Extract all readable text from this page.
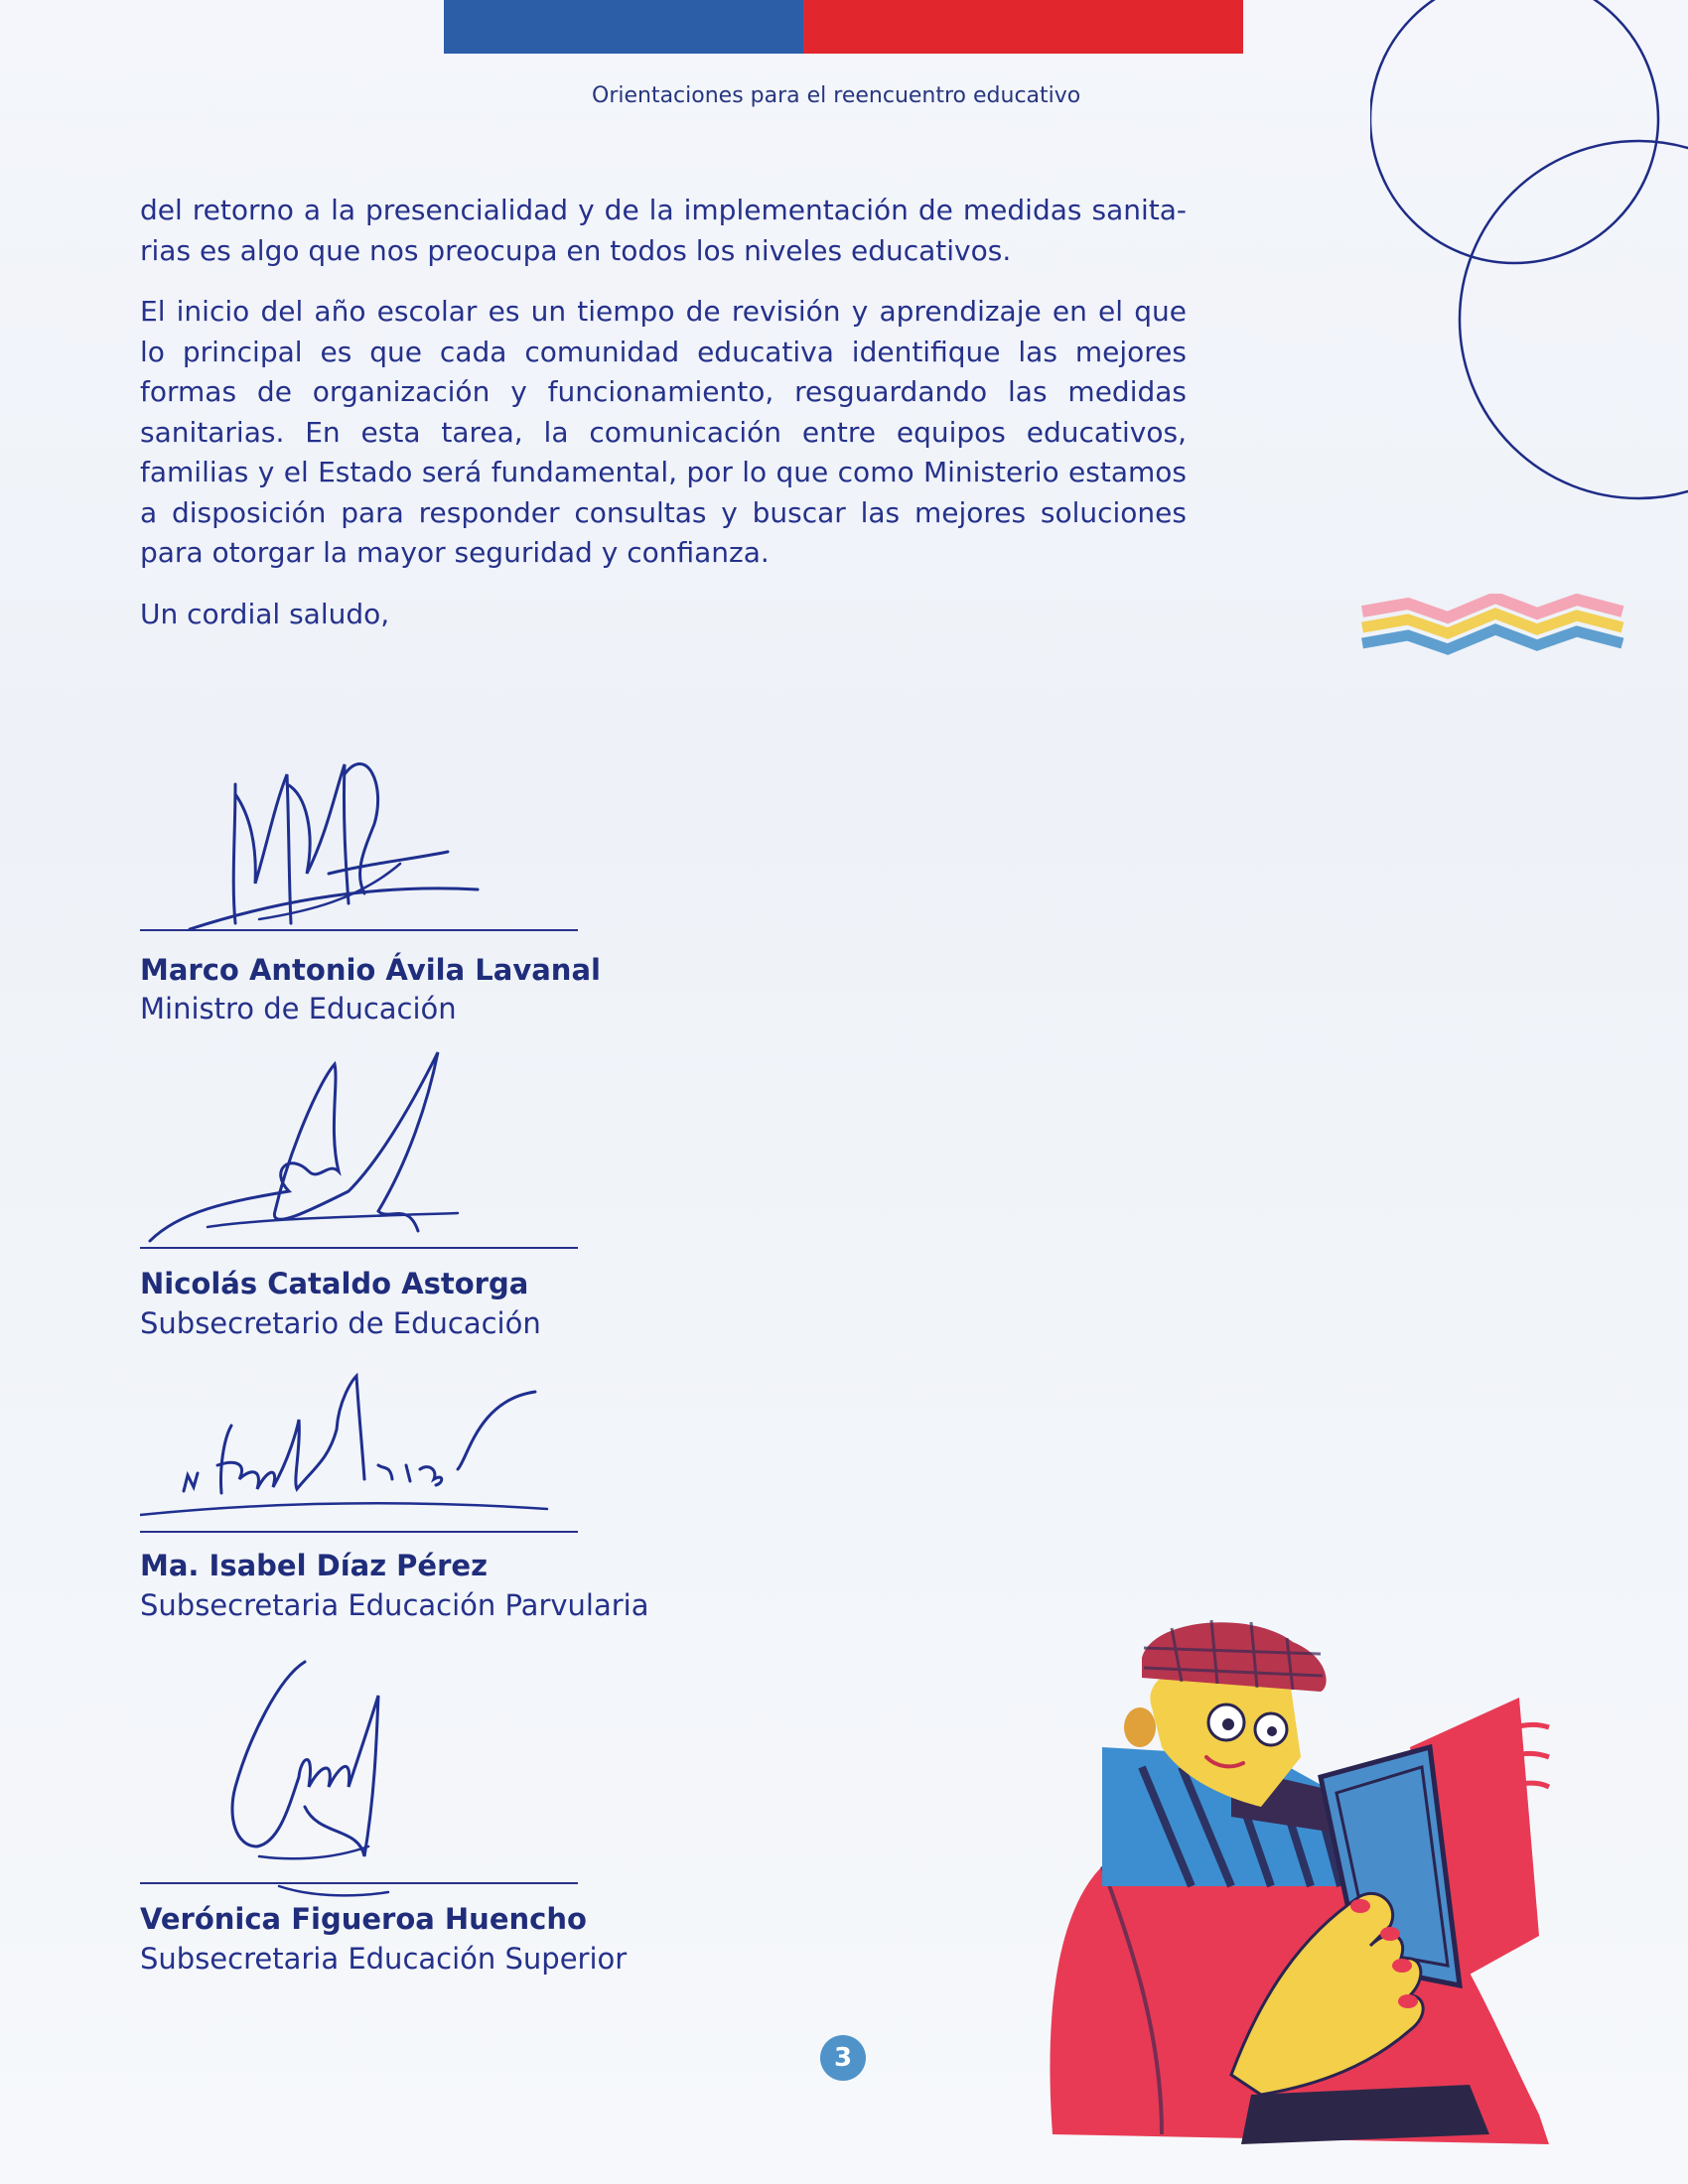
Orientaciones para el reencuentro educativo

del retorno a la presencialidad y de la implementación de medidas sanita-rias es algo que nos preocupa en todos los niveles educativos.

El inicio del año escolar es un tiempo de revisión y aprendizaje en el que lo principal es que cada comunidad educativa identifique las mejores formas de organización y funcionamiento, resguardando las medidas sanitarias. En esta tarea, la comunicación entre equipos educativos, familias y el Estado será fundamental, por lo que como Ministerio estamos a disposición para responder consultas y buscar las mejores soluciones para otorgar la mayor seguridad y confianza.

Un cordial saludo,

Marco Antonio Ávila Lavanal
Ministro de Educación
Nicolás Cataldo Astorga
Subsecretario de Educación
Ma. Isabel Díaz Pérez
Subsecretaria Educación Parvularia
Verónica Figueroa Huencho
Subsecretaria Educación Superior
3
